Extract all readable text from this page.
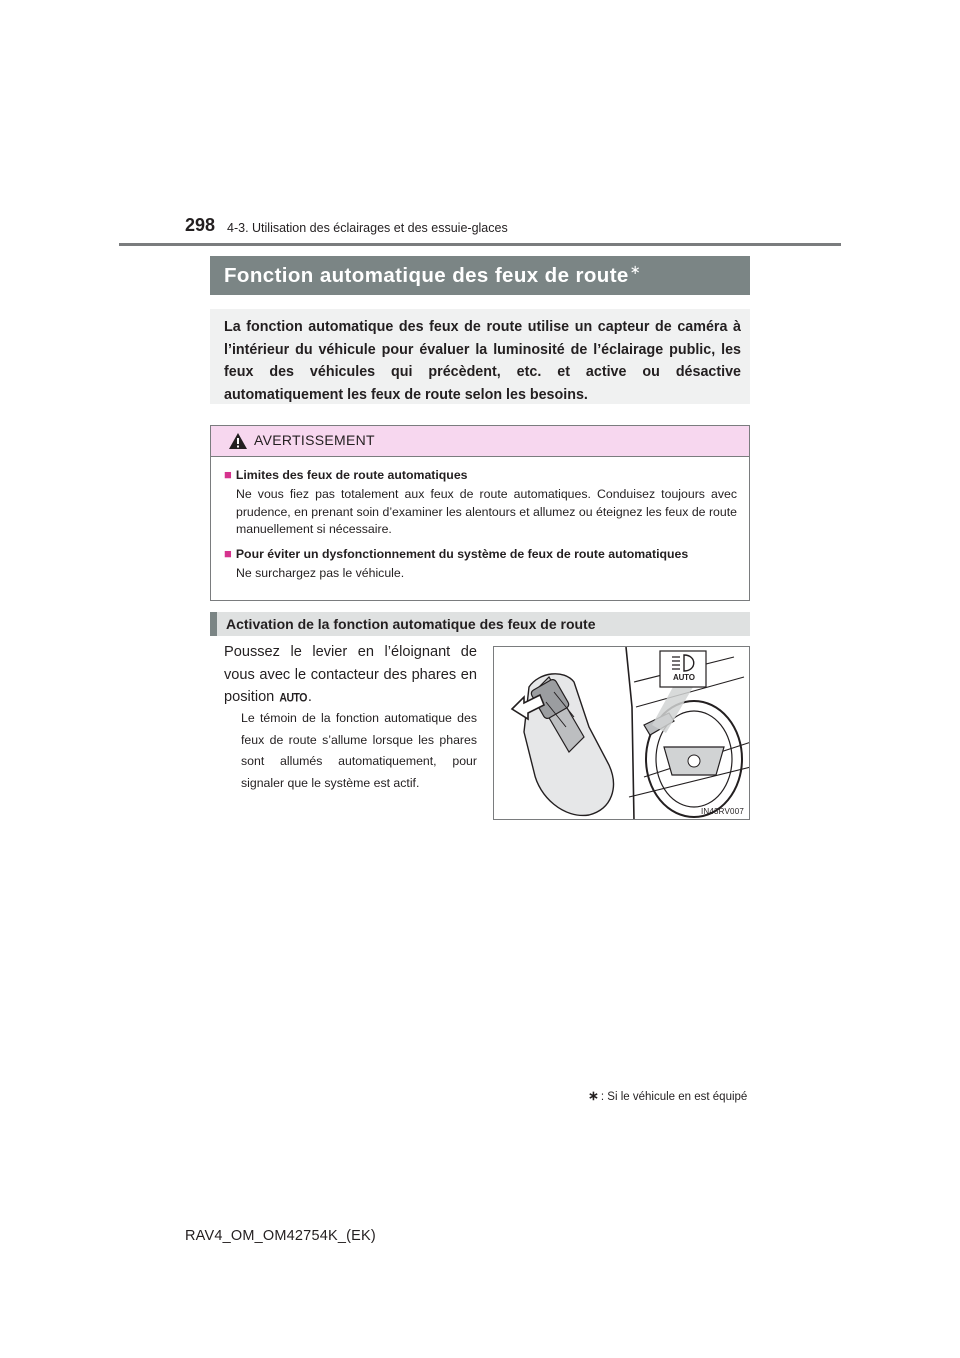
298 4-3. Utilisation des éclairages et des essuie-glaces
Fonction automatique des feux de route∗
La fonction automatique des feux de route utilise un capteur de caméra à l’intérieur du véhicule pour évaluer la luminosité de l’éclairage public, les feux des véhicules qui précèdent, etc. et active ou désactive automatiquement les feux de route selon les besoins.
AVERTISSEMENT

■ Limites des feux de route automatiques

Ne vous fiez pas totalement aux feux de route automatiques. Conduisez toujours avec prudence, en prenant soin d’examiner les alentours et allumez ou éteignez les feux de route manuellement si nécessaire.

■ Pour éviter un dysfonctionnement du système de feux de route automatiques

Ne surchargez pas le véhicule.

Activation de la fonction automatique des feux de route
Poussez le levier en l’éloignant de vous avec le contacteur des phares en position AUTO.
Le témoin de la fonction automatique des feux de route s’allume lorsque les phares sont allumés automatiquement, pour signaler que le système est actif.
AUTO
IN43RV007
∗ : Si le véhicule en est équipé
RAV4_OM_OM42754K_(EK)
